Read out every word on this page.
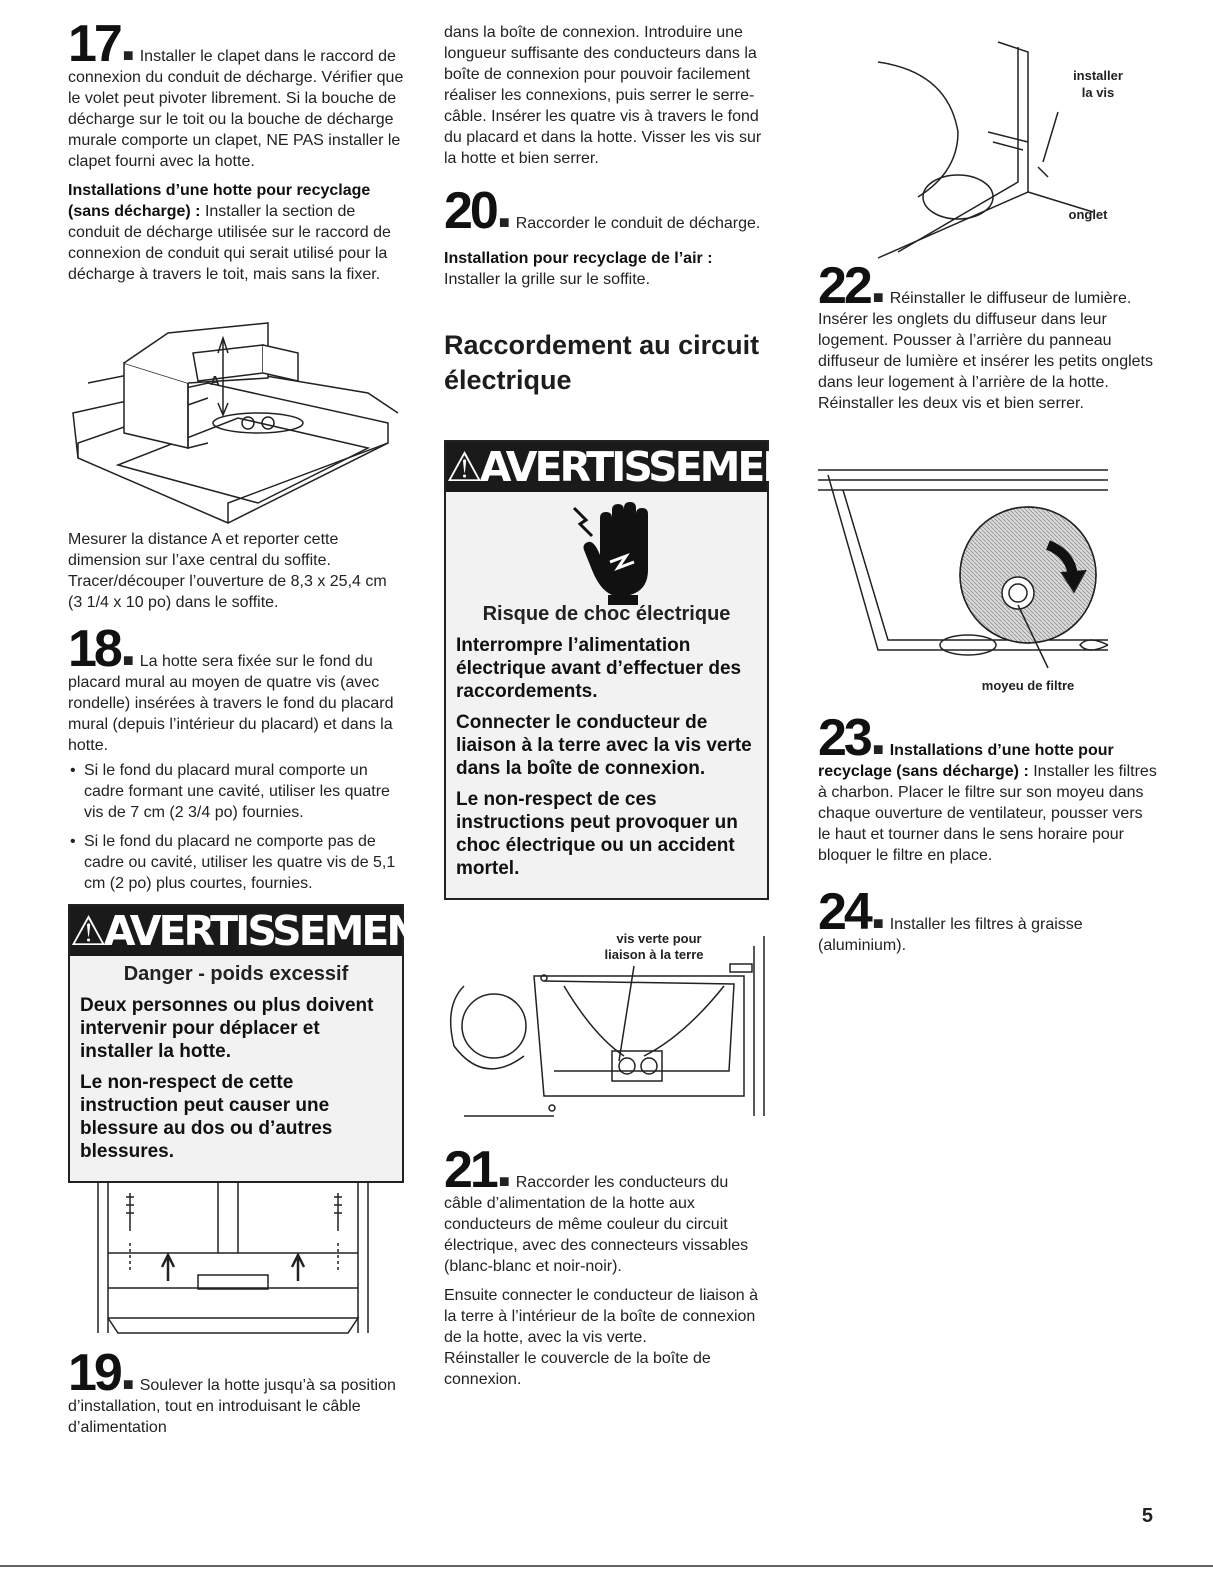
17 ■ Installer le clapet dans le raccord de connexion du conduit de décharge. Vérifier que le volet peut pivoter librement. Si la bouche de décharge sur le toit ou la bouche de décharge murale comporte un clapet, NE PAS installer le clapet fourni avec la hotte.

Installations d’une hotte pour recyclage (sans décharge) : Installer la section de conduit de décharge utilisée sur le raccord de connexion de conduit qui serait utilisé pour la décharge à travers le toit, mais sans la fixer.

A

Mesurer la distance A et reporter cette dimension sur l’axe central du soffite. Tracer/découper l’ouverture de 8,3 x 25,4 cm (3 1/4 x 10 po) dans le soffite.

18 ■ La hotte sera fixée sur le fond du placard mural au moyen de quatre vis (avec rondelle) insérées à travers le fond du placard mural (depuis l’intérieur du placard) et dans la hotte.

• Si le fond du placard mural comporte un cadre formant une cavité, utiliser les quatre vis de 7 cm (2 3/4 po) fournies.
• Si le fond du placard ne comporte pas de cadre ou cavité, utiliser les quatre vis de 5,1 cm (2 po) plus courtes, fournies.
⚠AVERTISSEMENT
Danger - poids excessif
Deux personnes ou plus doivent intervenir pour déplacer et installer la hotte.
Le non-respect de cette instruction peut causer une blessure au dos ou d’autres blessures.

19 ■ Soulever la hotte jusqu’à sa position d’installation, tout en introduisant le câble d’alimentation

dans la boîte de connexion. Introduire une longueur suffisante des conducteurs dans la boîte de connexion pour pouvoir facilement réaliser les connexions, puis serrer le serre-câble. Insérer les quatre vis à travers le fond du placard et dans la hotte. Visser les vis sur la hotte et bien serrer.

20 ■ Raccorder le conduit de décharge.

Installation pour recyclage de l’air :
Installer la grille sur le soffite.

Raccordement au circuit électrique
⚠AVERTISSEMENT
Risque de choc électrique
Interrompre l’alimentation électrique avant d’effectuer des raccordements.
Connecter le conducteur de liaison à la terre avec la vis verte dans la boîte de connexion.
Le non-respect de ces instructions peut provoquer un choc électrique ou un accident mortel.
vis verte pour
liaison à la terre

21 ■ Raccorder les conducteurs du câble d’alimentation de la hotte aux conducteurs de même couleur du circuit électrique, avec des connecteurs vissables (blanc-blanc et noir-noir).

Ensuite connecter le conducteur de liaison à la terre à l’intérieur de la boîte de connexion de la hotte, avec la vis verte.

Réinstaller le couvercle de la boîte de connexion.

installer
la vis
onglet

22 ■ Réinstaller le diffuseur de lumière. Insérer les onglets du diffuseur dans leur logement. Pousser à l’arrière du panneau diffuseur de lumière et insérer les petits onglets dans leur logement à l’arrière de la hotte. Réinstaller les deux vis et bien serrer.

moyeu de filtre

23 ■ Installations d’une hotte pour recyclage (sans décharge) : Installer les filtres à charbon. Placer le filtre sur son moyeu dans chaque ouverture de ventilateur, pousser vers le haut et tourner dans le sens horaire pour bloquer le filtre en place.

24 ■ Installer les filtres à graisse (aluminium).

5
